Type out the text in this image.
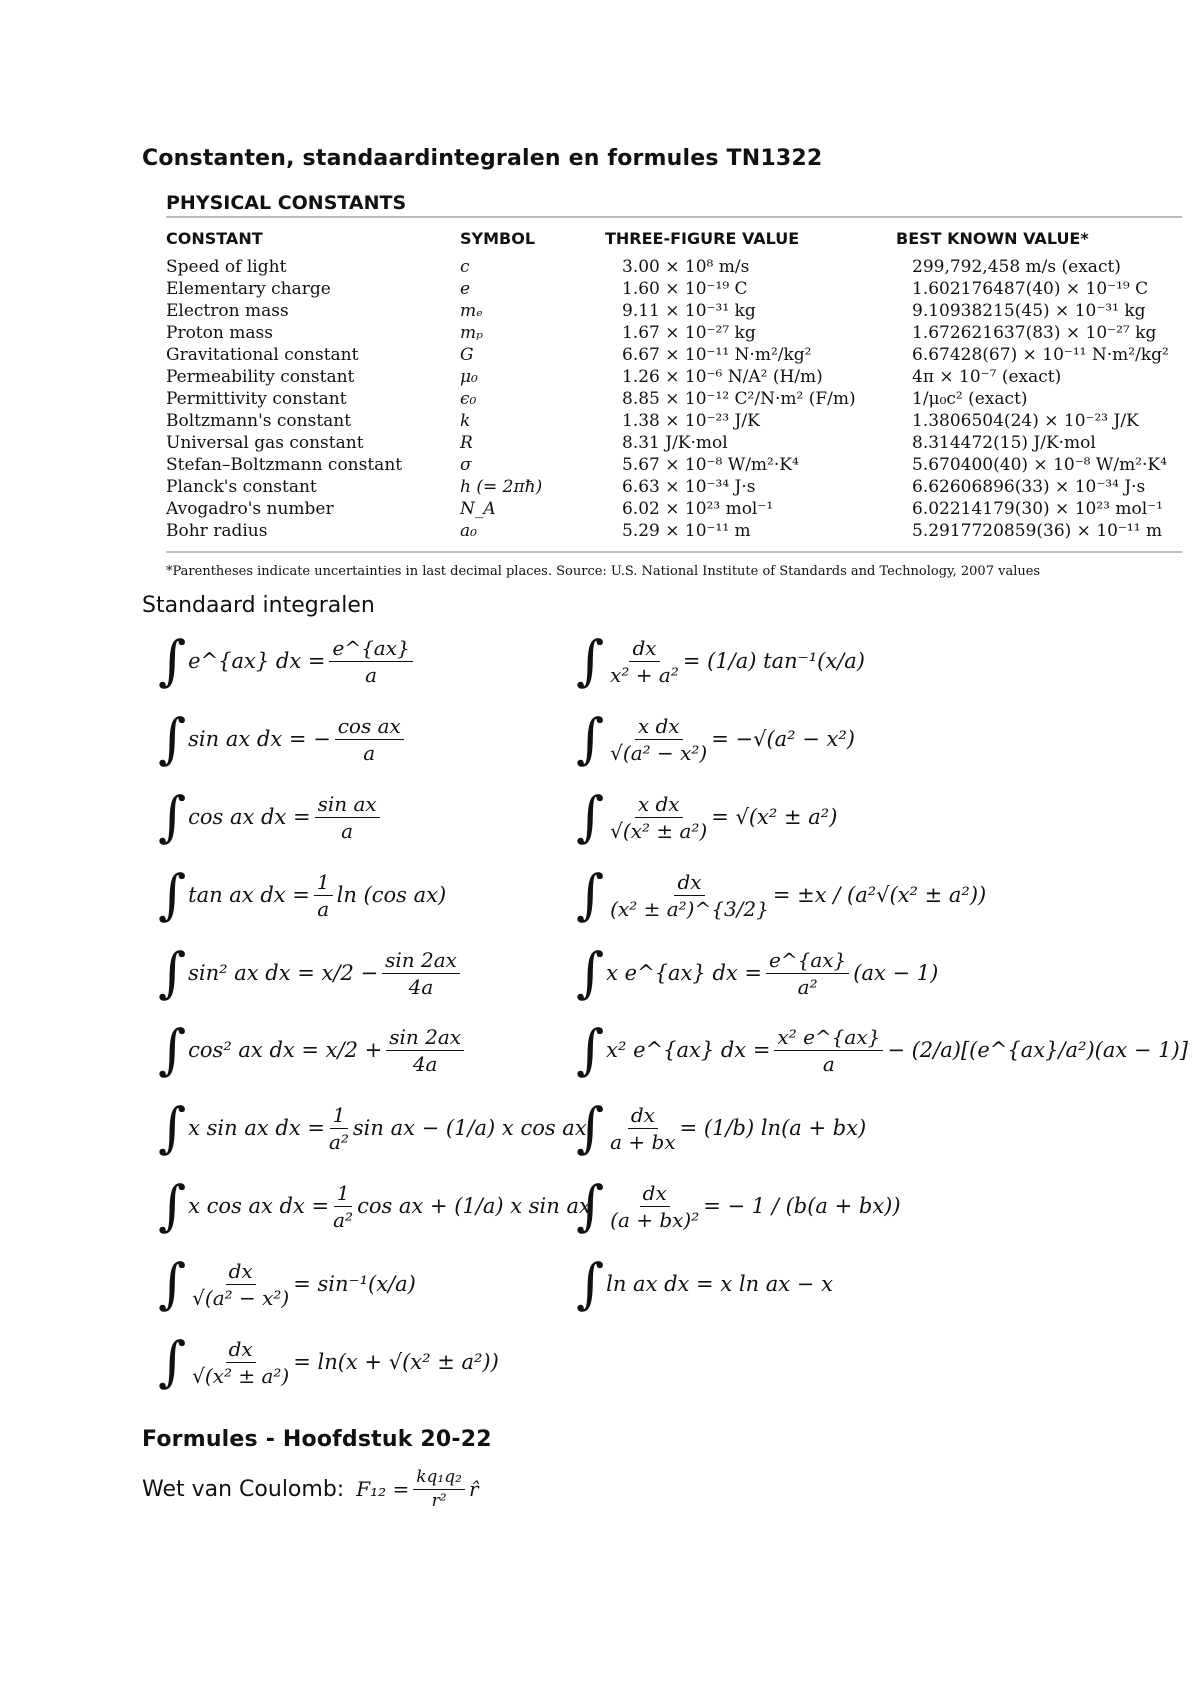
Constanten, standaardintegralen en formules TN1322
PHYSICAL CONSTANTS
CONSTANT	SYMBOL	THREE-FIGURE VALUE	BEST KNOWN VALUE*
Speed of light	c	3.00 × 10⁸ m/s	299,792,458 m/s (exact)
Elementary charge	e	1.60 × 10⁻¹⁹ C	1.602176487(40) × 10⁻¹⁹ C
Electron mass	mₑ	9.11 × 10⁻³¹ kg	9.10938215(45) × 10⁻³¹ kg
Proton mass	mₚ	1.67 × 10⁻²⁷ kg	1.672621637(83) × 10⁻²⁷ kg
Gravitational constant	G	6.67 × 10⁻¹¹ N·m²/kg²	6.67428(67) × 10⁻¹¹ N·m²/kg²
Permeability constant	μ₀	1.26 × 10⁻⁶ N/A² (H/m)	4π × 10⁻⁷ (exact)
Permittivity constant	ϵ₀	8.85 × 10⁻¹² C²/N·m² (F/m)	1/μ₀c² (exact)
Boltzmann's constant	k	1.38 × 10⁻²³ J/K	1.3806504(24) × 10⁻²³ J/K
Universal gas constant	R	8.31 J/K·mol	8.314472(15) J/K·mol
Stefan–Boltzmann constant	σ	5.67 × 10⁻⁸ W/m²·K⁴	5.670400(40) × 10⁻⁸ W/m²·K⁴
Planck's constant	h (= 2πħ)	6.63 × 10⁻³⁴ J·s	6.62606896(33) × 10⁻³⁴ J·s
Avogadro's number	N_A	6.02 × 10²³ mol⁻¹	6.02214179(30) × 10²³ mol⁻¹
Bohr radius	a₀	5.29 × 10⁻¹¹ m	5.2917720859(36) × 10⁻¹¹ m
*Parentheses indicate uncertainties in last decimal places. Source: U.S. National Institute of Standards and Technology, 2007 values
Standaard integralen
∫ e^{ax} dx = $\frac{e\^{}\{ax\}}{a}$
∫ sin ax dx = − $\frac{\text{cos ax}}{a}$
∫ cos ax dx = $\frac{\text{sin ax}}{a}$
∫ tan ax dx = $\frac{1}{a}$ ln (cos ax)
∫ sin² ax dx = $x/2 - \frac{\sin 2ax}{4a}$
∫ cos² ax dx = $x/2 + \frac{\sin 2ax}{4a}$
∫ x sin ax dx = $\frac{1}{\text{a²}}$ sin ax − (1/a) x cos ax
∫ x cos ax dx = $\frac{1}{\text{a²}}$ cos ax + (1/a) x sin ax
∫ $\frac{dx}{\text{√(a² − x²)}} = \sin^{-1}(x/a)$
∫ $\frac{dx}{\text{√(x² ± a²)}} = \ln(x + √(x^2 \pm a^2))$
∫ $\frac{dx}{\text{x² + a²}} = (1/a)$ tan⁻¹(x/a)
∫ $\frac{\text{x dx}}{\text{√(a² − x²)}} = -√(a^2 - x^2)$
∫ $\frac{\text{x dx}}{\text{√(x² ± a²)}} = √(x^2 \pm a^2)$
∫ $\frac{dx}{\text{(x² ± a²)\textasciicircum{}\{3/2\}}} = \pm x / (a^2√(x^2 \pm a^2))$
∫ x e^{ax} dx = $\frac{e\^{}\{ax\}}{\text{a²}} (ax - 1)$
∫ x² e^{ax} dx = $\frac{\text{x² e\textasciicircum{}\{ax\}}}{a}$ − (2/a)[(e^{ax}/a²)(ax − 1)]
∫ $\frac{dx}{a + bx} = (1/b) \ln(a + bx)$
∫ $\frac{dx}{\text{(a + bx)²}}$ = − 1 / (b(a + bx))
∫ ln ax dx = x ln ax − x
Formules - Hoofdstuk 20-22
Wet van Coulomb: $F_{12} = \frac{\text{kq₁q₂}}{\text{r²}}$ r̂
